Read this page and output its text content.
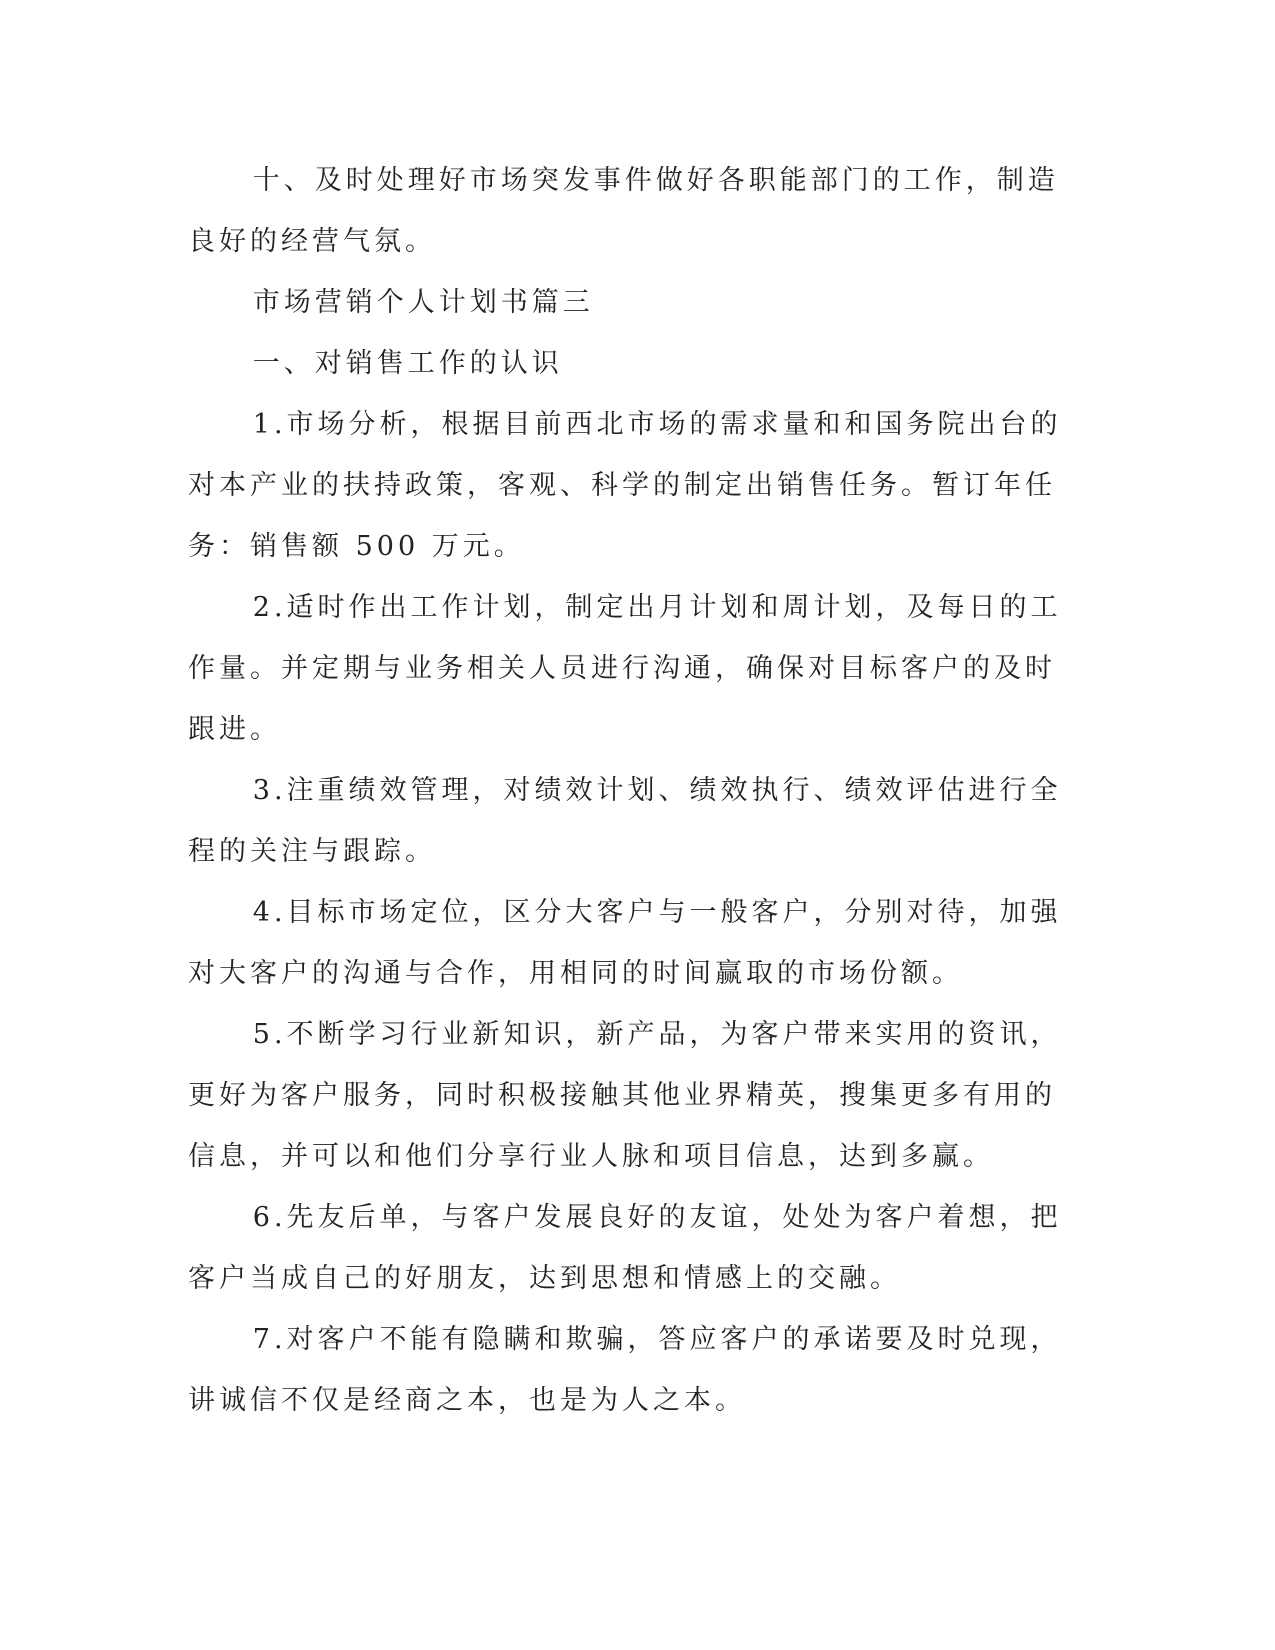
十、及时处理好市场突发事件做好各职能部门的工作，制造良好的经营气氛。

市场营销个人计划书篇三

一、对销售工作的认识

1.市场分析，根据目前西北市场的需求量和和国务院出台的对本产业的扶持政策，客观、科学的制定出销售任务。暂订年任务：销售额 500 万元。

2.适时作出工作计划，制定出月计划和周计划，及每日的工作量。并定期与业务相关人员进行沟通，确保对目标客户的及时跟进。

3.注重绩效管理，对绩效计划、绩效执行、绩效评估进行全程的关注与跟踪。

4.目标市场定位，区分大客户与一般客户，分别对待，加强对大客户的沟通与合作，用相同的时间赢取的市场份额。

5.不断学习行业新知识，新产品，为客户带来实用的资讯，更好为客户服务，同时积极接触其他业界精英，搜集更多有用的信息，并可以和他们分享行业人脉和项目信息，达到多赢。

6.先友后单，与客户发展良好的友谊，处处为客户着想，把客户当成自己的好朋友，达到思想和情感上的交融。

7.对客户不能有隐瞒和欺骗，答应客户的承诺要及时兑现，讲诚信不仅是经商之本，也是为人之本。
